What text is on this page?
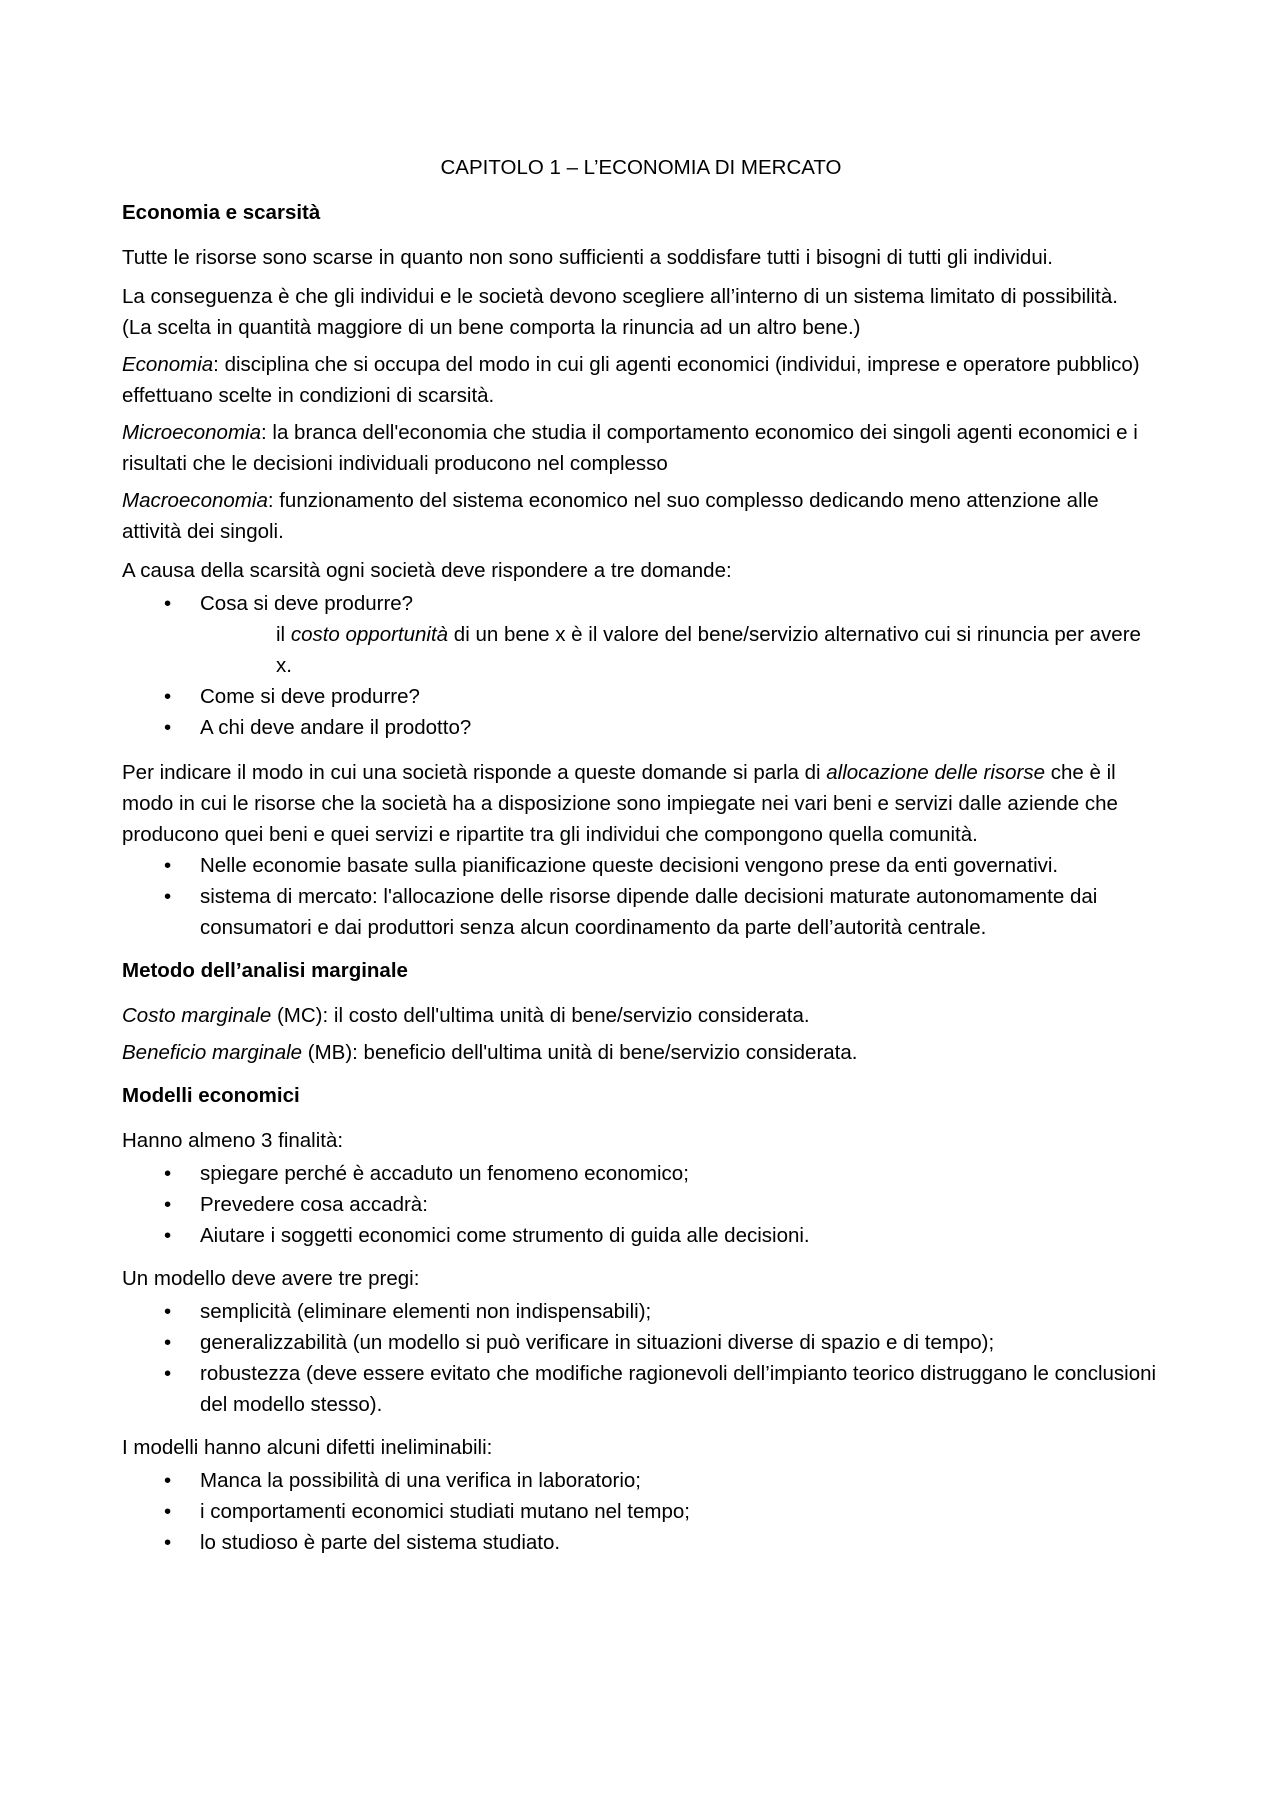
CAPITOLO 1 – L’ECONOMIA DI MERCATO
Economia e scarsità

Tutte le risorse sono scarse in quanto non sono sufficienti a soddisfare tutti i bisogni di tutti gli individui.

La conseguenza è che gli individui e le società devono scegliere all’interno di un sistema limitato di possibilità.
(La scelta in quantità maggiore di un bene comporta la rinuncia ad un altro bene.)

Economia: disciplina che si occupa del modo in cui gli agenti economici (individui, imprese e operatore pubblico) effettuano scelte in condizioni di scarsità.

Microeconomia: la branca dell'economia che studia il comportamento economico dei singoli agenti economici e i risultati che le decisioni individuali producono nel complesso

Macroeconomia: funzionamento del sistema economico nel suo complesso dedicando meno attenzione alle attività dei singoli.

A causa della scarsità ogni società deve rispondere a tre domande:

• Cosa si deve produrre?
il costo opportunità di un bene x è il valore del bene/servizio alternativo cui si rinuncia per avere x.
• Come si deve produrre?
• A chi deve andare il prodotto?

Per indicare il modo in cui una società risponde a queste domande si parla di allocazione delle risorse che è il modo in cui le risorse che la società ha a disposizione sono impiegate nei vari beni e servizi dalle aziende che producono quei beni e quei servizi e ripartite tra gli individui che compongono quella comunità.

• Nelle economie basate sulla pianificazione queste decisioni vengono prese da enti governativi.
• sistema di mercato: l'allocazione delle risorse dipende dalle decisioni maturate autonomamente dai consumatori e dai produttori senza alcun coordinamento da parte dell’autorità centrale.
Metodo dell’analisi marginale

Costo marginale (MC): il costo dell'ultima unità di bene/servizio considerata.

Beneficio marginale (MB): beneficio dell'ultima unità di bene/servizio considerata.

Modelli economici

Hanno almeno 3 finalità:

• spiegare perché è accaduto un fenomeno economico;
• Prevedere cosa accadrà:
• Aiutare i soggetti economici come strumento di guida alle decisioni.

Un modello deve avere tre pregi:

• semplicità (eliminare elementi non indispensabili);
• generalizzabilità (un modello si può verificare in situazioni diverse di spazio e di tempo);
• robustezza (deve essere evitato che modifiche ragionevoli dell’impianto teorico distruggano le conclusioni del modello stesso).

I modelli hanno alcuni difetti ineliminabili:

• Manca la possibilità di una verifica in laboratorio;
• i comportamenti economici studiati mutano nel tempo;
• lo studioso è parte del sistema studiato.
